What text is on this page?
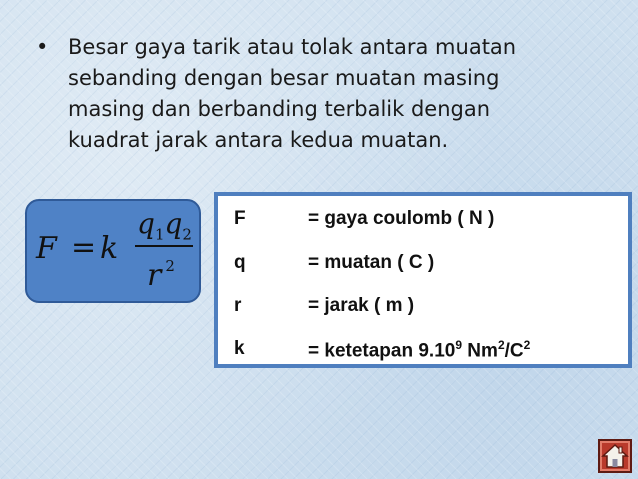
• Besar gaya tarik atau tolak antara muatan
sebanding dengan besar muatan masing
masing dan berbanding terbalik dengan
kuadrat jarak antara kedua muatan.
F = k
$q_1q_2$
r $^2$
F	= gaya coulomb ( N )
q	= muatan ( C )
r	= jarak ( m )
k	= ketetapan 9.10$^9$ $Nm^2/C^2$
